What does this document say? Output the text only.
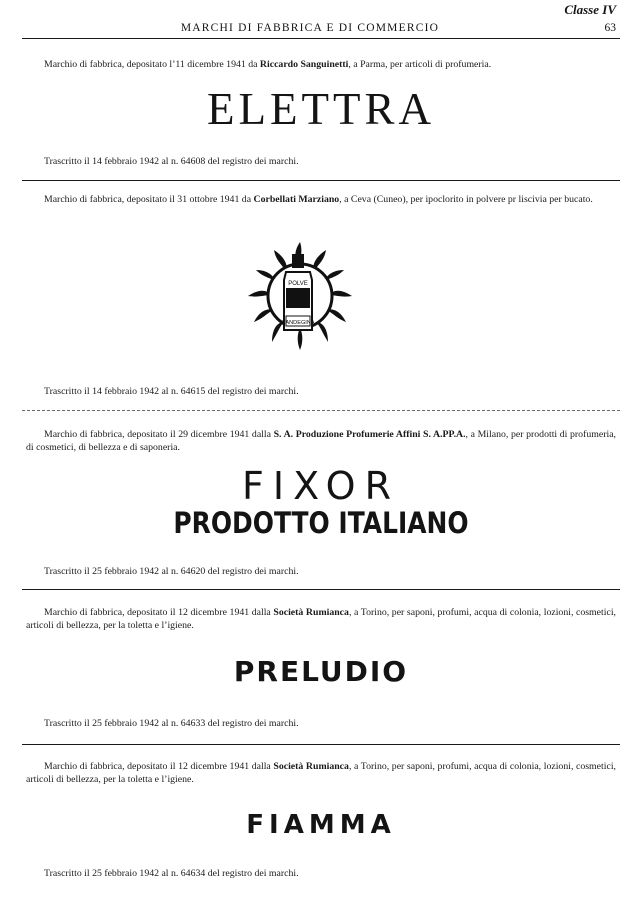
Classe IV
MARCHI DI FABBRICA E DI COMMERCIO	63
Marchio di fabbrica, depositato l’11 dicembre 1941 da Riccardo Sanguinetti, a Parma, per articoli di profumeria.
ELETTRA
Trascritto il 14 febbraio 1942 al n. 64608 del registro dei marchi.
Marchio di fabbrica, depositato il 31 ottobre 1941 da Corbellati Marziano, a Ceva (Cuneo), per ipoclorito in polvere pr liscivia per bucato.
POLVE
CANDEGINA
Trascritto il 14 febbraio 1942 al n. 64615 del registro dei marchi.
Marchio di fabbrica, depositato il 29 dicembre 1941 dalla S. A. Produzione Profumerie Affini S. A.PP.A., a Milano, per prodotti di profumeria, di cosmetici, di bellezza e di saponeria.
FIXOR
PRODOTTO ITALIANO
Trascritto il 25 febbraio 1942 al n. 64620 del registro dei marchi.
Marchio di fabbrica, depositato il 12 dicembre 1941 dalla Società Rumianca, a Torino, per saponi, profumi, acqua di colonia, lozioni, cosmetici, articoli di bellezza, per la toletta e l’igiene.
PRELUDIO
Trascritto il 25 febbraio 1942 al n. 64633 del registro dei marchi.
Marchio di fabbrica, depositato il 12 dicembre 1941 dalla Società Rumianca, a Torino, per saponi, profumi, acqua di colonia, lozioni, cosmetici, articoli di bellezza, per la toletta e l’igiene.
FIAMMA
Trascritto il 25 febbraio 1942 al n. 64634 del registro dei marchi.
